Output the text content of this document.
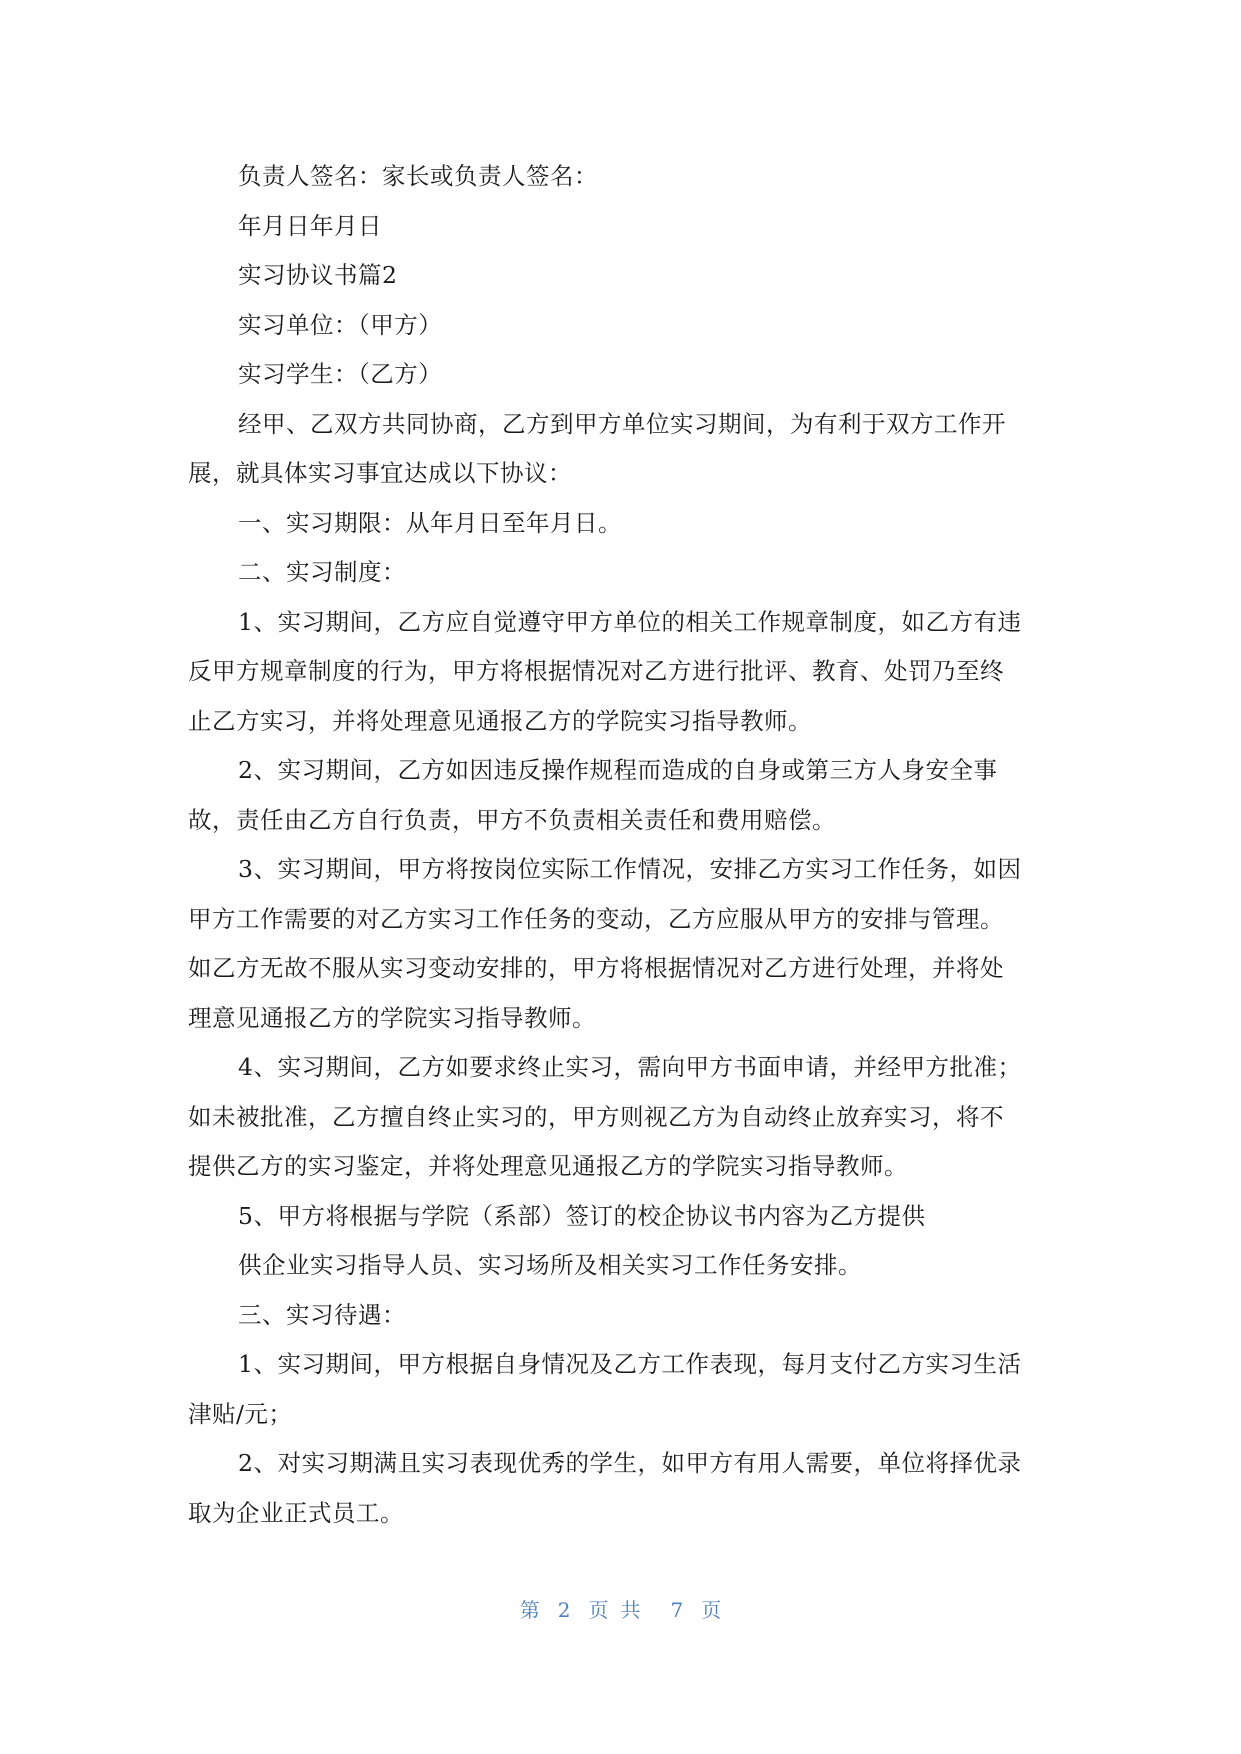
负责人签名：家长或负责人签名：
年月日年月日
实习协议书篇2
实习单位：（甲方）
实习学生：（乙方）
经甲、乙双方共同协商，乙方到甲方单位实习期间，为有利于双方工作开
展，就具体实习事宜达成以下协议：
一、实习期限：从年月日至年月日。
二、实习制度：
1、实习期间，乙方应自觉遵守甲方单位的相关工作规章制度，如乙方有违
反甲方规章制度的行为，甲方将根据情况对乙方进行批评、教育、处罚乃至终
止乙方实习，并将处理意见通报乙方的学院实习指导教师。
2、实习期间，乙方如因违反操作规程而造成的自身或第三方人身安全事
故，责任由乙方自行负责，甲方不负责相关责任和费用赔偿。
3、实习期间，甲方将按岗位实际工作情况，安排乙方实习工作任务，如因
甲方工作需要的对乙方实习工作任务的变动，乙方应服从甲方的安排与管理。
如乙方无故不服从实习变动安排的，甲方将根据情况对乙方进行处理，并将处
理意见通报乙方的学院实习指导教师。
4、实习期间，乙方如要求终止实习，需向甲方书面申请，并经甲方批准；
如未被批准，乙方擅自终止实习的，甲方则视乙方为自动终止放弃实习，将不
提供乙方的实习鉴定，并将处理意见通报乙方的学院实习指导教师。
5、甲方将根据与学院（系部）签订的校企协议书内容为乙方提供
供企业实习指导人员、实习场所及相关实习工作任务安排。
三、实习待遇：
1、实习期间，甲方根据自身情况及乙方工作表现，每月支付乙方实习生活
津贴/元；
2、对实习期满且实习表现优秀的学生，如甲方有用人需要，单位将择优录
取为企业正式员工。
第 2 页共 7 页
